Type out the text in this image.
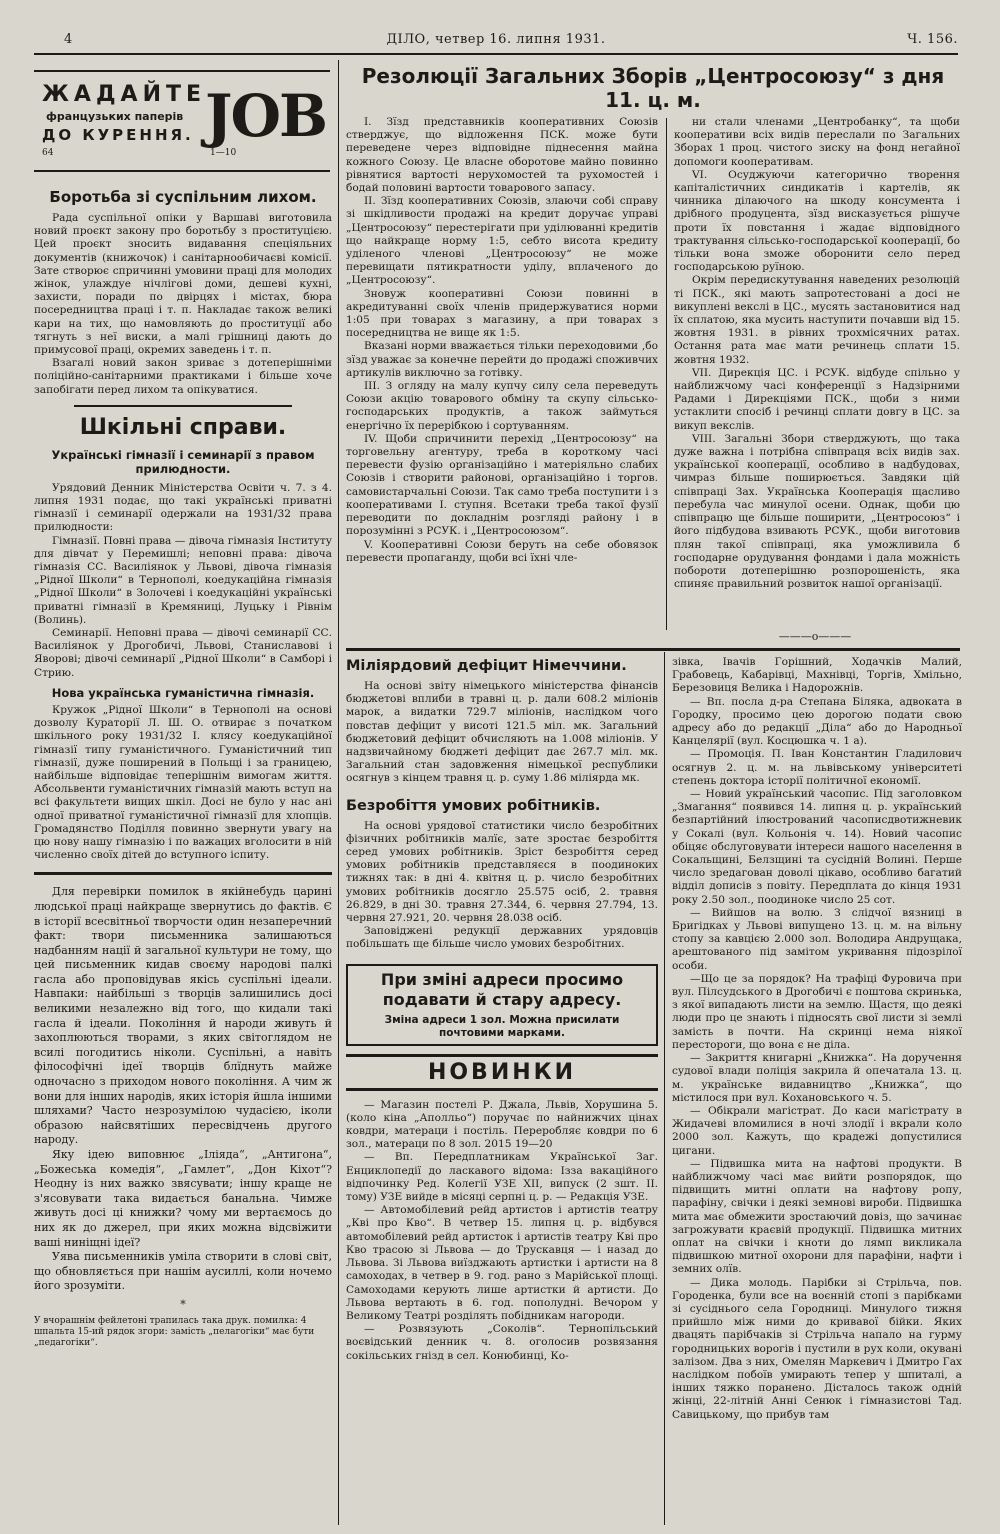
4	ДІЛО, четвер 16. липня 1931.	Ч. 156.
ЖАДАЙТЕ
французьких паперів
ДО КУРЕННЯ. JOB
64	1—10
Боротьба зі суспільним лихом.

Рада суспільної опіки у Варшаві виготовила новий проєкт закону про боротьбу з проституцією. Цей проєкт зносить видавання спеціяльних документів (книжочок) і санітарноо6ичаєві комісії. Зате створює спричинні умовини праці для молодих жінок, улаждуе нічлігові доми, дешеві кухні, захисти, поради по двірцях і містах, бюра посередництва праці і т. п. Накладає також великі кари на тих, що намовляють до проституції або тягнуть з неї виски, а малі грішниці дають до примусової праці, окремих заведень і т. п.

Взагалі новий закон зриває з дотеперішніми поліційно-санітарними практиками і більше хоче запобігати перед лихом та опікуватися.

Шкільні справи.
Українські гімназії і семинарії з правом прилюдности.

Урядовий Денник Міністерства Освіти ч. 7. з 4. липня 1931 подає, що такі українські приватні гімназії і семинарії одержали на 1931/32 права прилюдности:

Гімназії. Повні права — дівоча гімназія Інституту для дівчат у Перемишлі; неповні права: дівоча гімназія СС. Василіянок у Львові, дівоча гімназія „Рідної Школи“ в Тернополі, коедукаційна гімназія „Рідної Школи“ в Золочеві і коедукаційні українські приватні гімназії в Кремяниці, Луцьку і Рівнім (Волинь).

Семинарії. Неповні права — дівочі семинарії СС. Василіянок у Дрогобичі, Львові, Станиславові і Яворові; дівочі семинарії „Рідної Школи“ в Самборі і Стрию.

Нова українська гуманістична гімназія.

Кружок „Рідної Школи“ в Тернополі на основі дозволу Кураторії Л. Ш. О. отвирає з початком шкільного року 1931/32 І. клясу коедукаційної гімназії типу гуманістичного. Гуманістичний тип гімназії, дуже поширений в Польщі і за границею, найбільше відповідає теперішнім вимогам життя. Абсольвенти гуманістичних гімназій мають вступ на всі факультети вищих шкіл. Досі не було у нас ані одної приватної гуманістичної гімназії для хлопців. Громадянство Поділля повинно звернути увагу на цю нову нашу гімназію і по важацих вголосити в ній численно своїх дітей до вступного іспиту.

Для перевірки помилок в якійнебудь царині людської праці найкраще звернутись до фактів. Є в історії всесвітньої творчости один незаперечний факт: твори письменника залишаються надбанням нації й загальної культури не тому, що цей письменник кидав своєму народові палкі гасла або проповідував якісь суспільні ідеали. Навпаки: найбільші з творців залишились досі великими незалежно від того, що кидали такі гасла й ідеали. Покоління й народи живуть й захоплюються творами, з яких світоглядом не всилі погодитись ніколи. Суспільні, а навіть філософічні ідеї творців блїднуть майже одночасно з приходом нового покоління. А чим ж вони для інших народів, яких історія йшла іншими шляхами? Часто незрозумілою чудасією, іколи образою найсвятіших пересвідчень другого народу.

Яку ідею виповнює „Іліяда“, „Антигона“, „Божеська комедія“, „Гамлет“, „Дон Кіхот“? Неоднy із них важко звясувати; іншу краще не з'ясовувати така видається банальна. Чимже живуть досі ці книжки? чому ми вертаємось до них як до джерел, при яких можна відсвіжити ваші ниніщні ідеї?

Уява письменників уміла створити в слові світ, що обновляється при нашім аусиллі, коли ночемо його зрозуміти.

*
У вчорашнім фейлетоні трапилась така друк. помилка: 4 шпальта 15-ий рядок згори: замість „пелагогіки“ має бути „педагогіки“.
Резолюції Загальних Зборів „Центросоюзу“ з дня 11. ц. м.

I. Зїзд представників кооперативних Союзів стверджує, що відложення ПСК. може бути переведене через відповідне піднесення майна кожного Союзу. Це власне оборотове майно повинно рівнятися вартості нерухомостей та рухомостей і бодай половині вартости товарового запасу.

II. Зїзд кооперативних Союзів, злаючи собі справу зі шкідливости продажі на кредит доручає управі „Центросоюзу“ перестерігати при уділюванні кредитів що найкраще норму 1:5, себто висота кредиту уділеного членові „Центросоюзу“ не може перевищати пятикратности уділу, вплаченого до „Центросоюзу“.

Зновуж кооперативні Союзи повинні в акредитуванні своїх членів придержуватися норми 1:05 при товарах з магазину, а при товарах з посередництва не вище як 1:5.

Вказані норми вважається тільки переходовими ,бо зїзд уважає за конечне перейти до продажі споживчих артикулів виключно за готівку.

III. З огляду на малу купчу силу села переведуть Союзи акцію товарового обміну та скупу сільсько-господарських продуктів, а також займуться енергічно їх перерібкою і сортуванням.

IV. Щоби спричинити перехід „Центросоюзу“ на торговельну агентуру, треба в короткому часі перевести фузію організаційно і матеріяльно слабих Союзів і створити районові, організаційно і торгов. самовистарчальні Союзи. Так само треба поступити і з кооперативами І. ступня. Всетаки треба такої фузії переводити по докладнім розгляді району і в порозумінні з РСУК. і „Центросоюзом“.

V. Кооперативні Союзи беруть на себе обовязок перевести пропаганду, щоби всі їхні чле-

ни стали членами „Центробанку“, та щоби кооперативи всіх видів переслали по Загальних Зборах 1 проц. чистого зиску на фонд негайної допомоги кооперативам.

VI. Осуджуючи категорично творення капіталістичних синдикатів і картелів, як чинника ділаючого на шкоду консумента і дрібного продуцента, зїзд висказується рішуче проти їх повстання і жадає відповідного трактування сільсько-господарської кооперації, бо тільки вона зможе оборонити село перед господарською руїною.

Окрім передискутування наведених резолюцій ті ПСК., які мають запротестовані а досі не викуплені векслі в ЦС., мусять застановитися над їх сплатою, яка мусить наступити почавши від 15. жовтня 1931. в рівних трохмісячних ратах. Остання рата має мати речинець сплати 15. жовтня 1932.

VII. Дирекція ЦС. і РСУК. відбуде спільно у найближчому часі конференції з Надзірними Радами і Дирекціями ПСК., щоби з ними устаклити спосіб і речинці сплати довгу в ЦС. за викуп векслів.

VIII. Загальні Збори стверджують, що така дуже важна і потрібна співпраця всіх видів зах. української кооперації, особливо в надбудовах, чимраз більше поширюється. Завдяки цій співпраці Зах. Українська Кооперація щасливо перебула час минулої осени. Однак, щоби цю співпрацю ще більше поширити, „Центросоюз“ і його підбудова взивають РСУК., щоби виготовив плян такої співпраці, яка уможливила б господарне орудування фондами і дала можність побороти дотеперішню розпорошеність, яка спиняє правильний розвиток нашої організації.

———o———
Міліярдовий дефіцит Німеччини.

На основі звіту німецького міністерства фінансів бюджетові вплиби в травні ц. р. дали 608.2 міліонів марок, а видатки 729.7 міліонів, наслідком чого повстав дефіцит у висоті 121.5 міл. мк. Загальний бюджетовий дефіцит обчисляють на 1.008 міліонів. У надзвичайному бюджеті дефіцит дає 267.7 міл. мк. Загальний стан задовження німецької республики осягнув з кінцем травня ц. р. суму 1.86 міліярда мк.

Безробіття умових робітників.

На основі урядової статистики число безробітних фізичних робітників малїє, зате зростає безробіття серед умових робітників. Зріст безробіття серед умових робітників представляєся в поодиноких тижнях так: в дні 4. квітня ц. р. число безробітних умових робітників досягло 25.575 осіб, 2. травня 26.829, в дні 30. травня 27.344, 6. червня 27.794, 13. червня 27.921, 20. червня 28.038 осіб.

Заповіджені редукції державних урядовців побільшать ще більше число умових безробітних.

При зміні адреси просимо подавати й стару адресу.
Зміна адреси 1 зол. Можна присилати почтовими марками.
НОВИНКИ

— Магазин постелі Р. Джала, Львів, Хорушина 5. (коло кіна „Аполльо“) поручає по найнижчих цінах ковдри, матераци і постіль. Переробляє ковдри по 6 зол., матераци по 8 зол. 2015 19—20

— Вп. Передплатникам Української Заг. Енциклопедії до ласкавого відома: Ізза вакаційного відпочинку Ред. Колегії УЗЕ XII, випуск (2 зшт. II. тому) УЗЕ вийде в місяці серпні ц. р. — Редакція УЗЕ.

— Автомобілевий рейд артистов і артистів театру „Кві про Кво“. В четвер 15. липня ц. р. відбувся автомобілевий рейд артисток і артистів театру Кві про Кво трасою зі Львова — до Трускавця — і назад до Львова. Зі Львова виїзджають артистки і артисти на 8 самоходах, в четвер в 9. год. рано з Марійської площі. Самоходами керують лише артистки й артисти. До Львова вертають в 6. год. пополудні. Вечором у Великому Театрі розділять побідникам нагороди.

— Розвязують „Соколів“. Тернопільський воєвідський денник ч. 8. оголосив розвязання сокільських гнізд в сел. Конюбинці, Ко-

зівка, Івачів Горішний, Ходачків Малий, Грабовець, Кабарівці, Махнівці, Торгів, Хмільно, Березовиця Велика і Надорожнів.

— Вп. посла д-ра Степана Біляка, адвоката в Городку, просимо цею дорогою подати свою адресу або до редакції „Діла“ або до Народньої Канцелярії (вул. Косцюшка ч. 1 а).

— Промоція. П. Іван Константин Гладилович осягнув 2. ц. м. на львівському університеті степень доктора історії політичної економії.

— Новий український часопис. Під заголовком „Змагання“ появився 14. липня ц. р. український безпартійний ілюстрований часописдвотижневик у Сокалі (вул. Кольонія ч. 14). Новий часопис обіцяє обслуговувати інтереси нашого населення в Сокальщині, Белзщині та сусідній Волині. Перше число зредагован доволі цікаво, особливо багатий відділ дописів з повіту. Передплата до кінця 1931 року 2.50 зол., поодиноке число 25 сот.

— Вийшов на волю. З слідчої вязниці в Бригідках у Львові випущено 13. ц. м. на вільну стопу за кавцією 2.000 зол. Володира Андрущака, арештованого під замітом укривання підозрілої особи.

—Що це за порядок? На трафіці Фуровича при вул. Пілсудського в Дрогобичі є поштова скринька, з якої випадають листи на землю. Щастя, що деякі люди про це знають і підносять свої листи зі землі замість в почти. На скринці нема ніякої перестороги, що вона є не діла.

— Закриття книгарні „Книжка“. На доручення судової влади поліція закрила й опечатала 13. ц. м. українське видавництво „Книжка“, що містилося при вул. Кохановського ч. 5.

— Обікрали магістрат. До каси магістрату в Жидачеві вломилися в ночі злодії і вкрали коло 2000 зол. Кажуть, що крадежі допустилися цигани.

— Підвишка мита на нафтові продукти. В найближчому часі має вийти розпорядок, що підвищить митні оплати на нафтову ропу, парафіну, свічки і деякі земнові вироби. Підвишка мита має обмежити зростаючий довіз, що зачинає загрожувати краєвій продукції. Підвишка митних оплат на свічки і кноти до лямп викликала підвишкою митної охорони для парафіни, нафти і земних олїв.

— Дика молодь. Парібки зі Стрільча, пов. Городенка, були все на воєнній стопі з парібками зі сусіднього села Городниці. Минулого тижня прийшло між ними до кривавої бійки. Яких двацять парібчаків зі Стрільча напало на гурму городницьких ворогів і пустили в рух коли, окувані залізом. Два з них, Омелян Маркевич і Дмитро Гах наслідком побоїв умирають тепер у шпиталі, а інших тяжко поранено. Дісталось також одній жінці, 22-літній Анні Сенюк і гімназистові Тад. Савицькому, що прибув там
